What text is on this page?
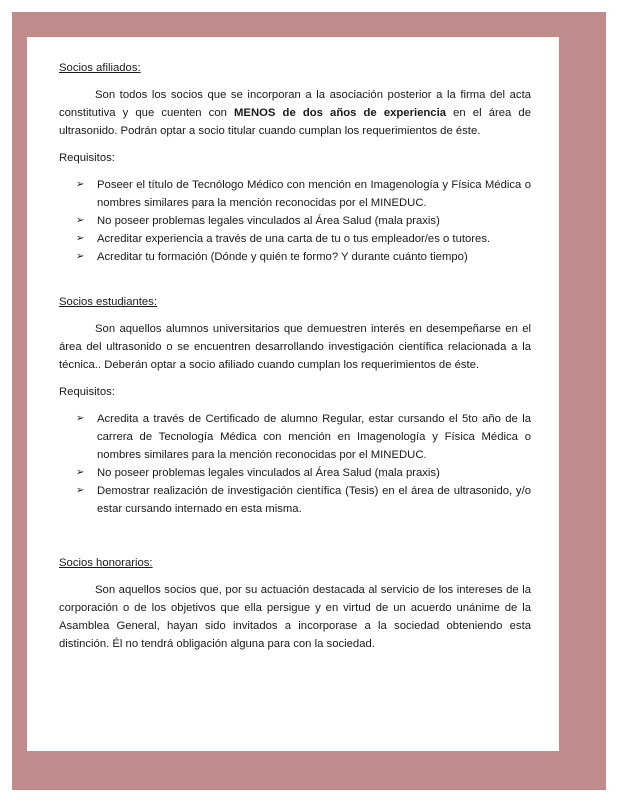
Socios afiliados:

Son todos los socios que se incorporan a la asociación posterior a la firma del acta constitutiva y que cuenten con MENOS de dos años de experiencia en el área de ultrasonido. Podrán optar a socio titular cuando cumplan los requerimientos de éste.

Requisitos:

➢ Poseer el título de Tecnólogo Médico con mención en Imagenología y Física Médica o nombres similares para la mención reconocidas por el MINEDUC.
➢ No poseer problemas legales vinculados al Área Salud (mala praxis)
➢ Acreditar experiencia a través de una carta de tu o tus empleador/es o tutores.
➢ Acreditar tu formación (Dónde y quién te formo? Y durante cuánto tiempo)

Socios estudiantes:

Son aquellos alumnos universitarios que demuestren interés en desempeñarse en el área del ultrasonido o se encuentren desarrollando investigación científica relacionada a la técnica.. Deberán optar a socio afiliado cuando cumplan los requerimientos de éste.

Requisitos:

➢ Acredita a través de Certificado de alumno Regular, estar cursando el 5to año de la carrera de Tecnología Médica con mención en Imagenología y Física Médica o nombres similares para la mención reconocidas por el MINEDUC.
➢ No poseer problemas legales vinculados al Área Salud (mala praxis)
➢ Demostrar realización de investigación científica (Tesis) en el área de ultrasonido, y/o estar cursando internado en esta misma.

Socios honorarios:

Son aquellos socios que, por su actuación destacada al servicio de los intereses de la corporación o de los objetivos que ella persigue y en virtud de un acuerdo unánime de la Asamblea General, hayan sido invitados a incorporase a la sociedad obteniendo esta distinción. Él no tendrá obligación alguna para con la sociedad.
